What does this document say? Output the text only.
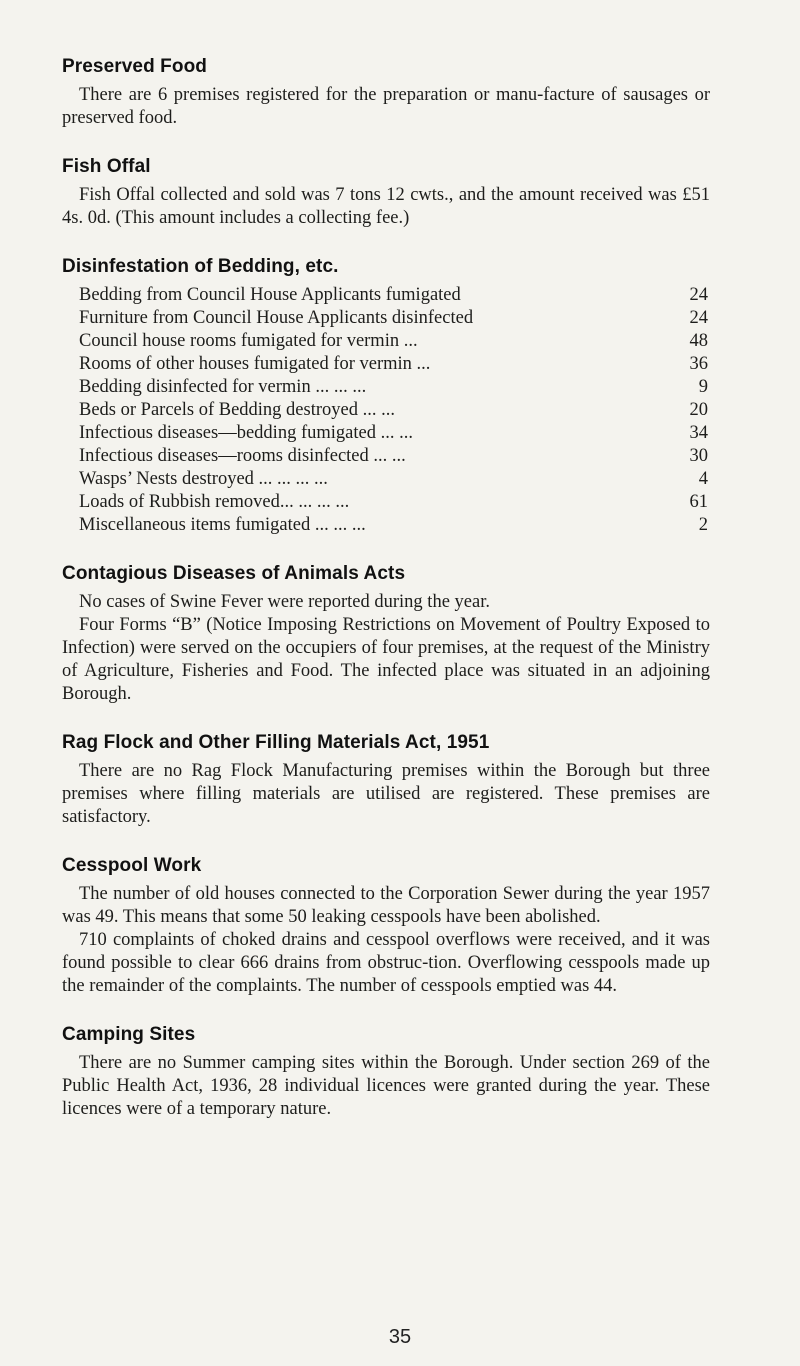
Preserved Food

There are 6 premises registered for the preparation or manu-facture of sausages or preserved food.

Fish Offal

Fish Offal collected and sold was 7 tons 12 cwts., and the amount received was £51 4s. 0d. (This amount includes a collecting fee.)

Disinfestation of Bedding, etc.
Bedding from Council House Applicants fumigated	24
Furniture from Council House Applicants disinfected	24
Council house rooms fumigated for vermin ...	48
Rooms of other houses fumigated for vermin ...	36
Bedding disinfected for vermin ... ... ...	9
Beds or Parcels of Bedding destroyed ... ...	20
Infectious diseases—bedding fumigated ... ...	34
Infectious diseases—rooms disinfected ... ...	30
Wasps’ Nests destroyed ... ... ... ...	4
Loads of Rubbish removed... ... ... ...	61
Miscellaneous items fumigated ... ... ...	2
Contagious Diseases of Animals Acts

No cases of Swine Fever were reported during the year.

Four Forms “B” (Notice Imposing Restrictions on Movement of Poultry Exposed to Infection) were served on the occupiers of four premises, at the request of the Ministry of Agriculture, Fisheries and Food. The infected place was situated in an adjoining Borough.

Rag Flock and Other Filling Materials Act, 1951

There are no Rag Flock Manufacturing premises within the Borough but three premises where filling materials are utilised are registered. These premises are satisfactory.

Cesspool Work

The number of old houses connected to the Corporation Sewer during the year 1957 was 49. This means that some 50 leaking cesspools have been abolished.

710 complaints of choked drains and cesspool overflows were received, and it was found possible to clear 666 drains from obstruc-tion. Overflowing cesspools made up the remainder of the complaints. The number of cesspools emptied was 44.

Camping Sites

There are no Summer camping sites within the Borough. Under section 269 of the Public Health Act, 1936, 28 individual licences were granted during the year. These licences were of a temporary nature.

35
